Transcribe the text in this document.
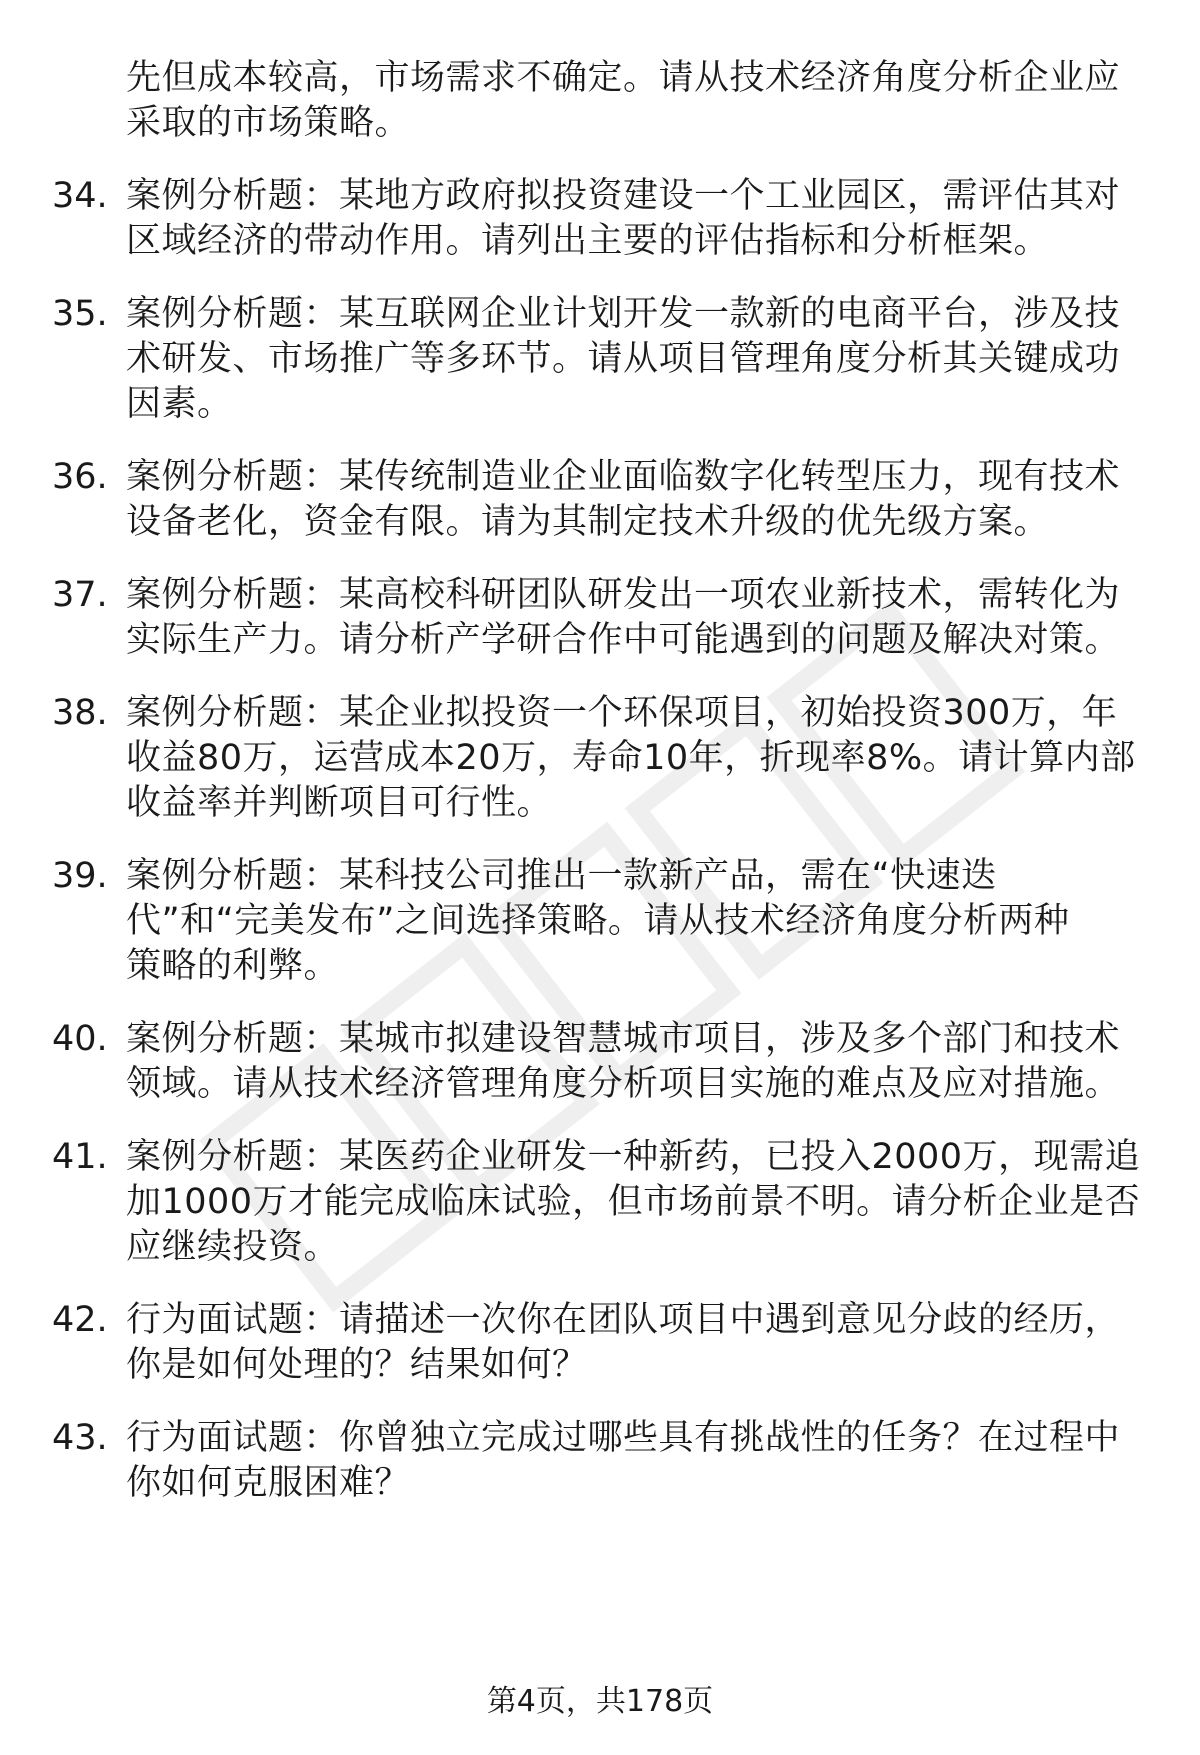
先但成本较高，市场需求不确定。请从技术经济角度分析企业应
采取的市场策略。
34. 案例分析题：某地方政府拟投资建设一个工业园区，需评估其对
区域经济的带动作用。请列出主要的评估指标和分析框架。
35. 案例分析题：某互联网企业计划开发一款新的电商平台，涉及技
术研发、市场推广等多环节。请从项目管理角度分析其关键成功
因素。
36. 案例分析题：某传统制造业企业面临数字化转型压力，现有技术
设备老化，资金有限。请为其制定技术升级的优先级方案。
37. 案例分析题：某高校科研团队研发出一项农业新技术，需转化为
实际生产力。请分析产学研合作中可能遇到的问题及解决对策。
38. 案例分析题：某企业拟投资一个环保项目，初始投资300万，年
收益80万，运营成本20万，寿命10年，折现率8%。请计算内部
收益率并判断项目可行性。
39. 案例分析题：某科技公司推出一款新产品，需在“快速迭
代”和“完美发布”之间选择策略。请从技术经济角度分析两种
策略的利弊。
40. 案例分析题：某城市拟建设智慧城市项目，涉及多个部门和技术
领域。请从技术经济管理角度分析项目实施的难点及应对措施。
41. 案例分析题：某医药企业研发一种新药，已投入2000万，现需追
加1000万才能完成临床试验，但市场前景不明。请分析企业是否
应继续投资。
42. 行为面试题：请描述一次你在团队项目中遇到意见分歧的经历，
你是如何处理的？结果如何？
43. 行为面试题：你曾独立完成过哪些具有挑战性的任务？在过程中
你如何克服困难？
第4页，共178页
